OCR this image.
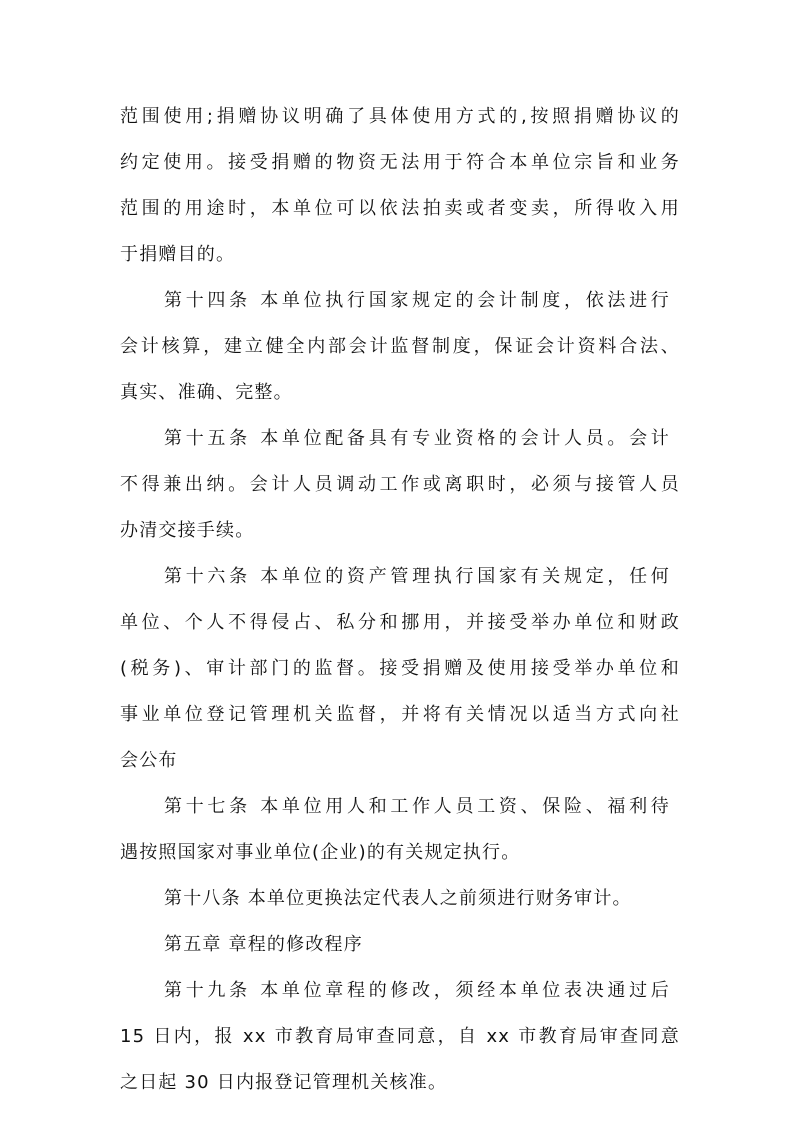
范围使用;捐赠协议明确了具体使用方式的,按照捐赠协议的
约定使用。接受捐赠的物资无法用于符合本单位宗旨和业务
范围的用途时，本单位可以依法拍卖或者变卖，所得收入用
于捐赠目的。
第十四条 本单位执行国家规定的会计制度，依法进行
会计核算，建立健全内部会计监督制度，保证会计资料合法、
真实、准确、完整。
第十五条 本单位配备具有专业资格的会计人员。会计
不得兼出纳。会计人员调动工作或离职时，必须与接管人员
办清交接手续。
第十六条 本单位的资产管理执行国家有关规定，任何
单位、个人不得侵占、私分和挪用，并接受举办单位和财政
(税务)、审计部门的监督。接受捐赠及使用接受举办单位和
事业单位登记管理机关监督，并将有关情况以适当方式向社
会公布
第十七条 本单位用人和工作人员工资、保险、福利待
遇按照国家对事业单位(企业)的有关规定执行。
第十八条 本单位更换法定代表人之前须进行财务审计。
第五章 章程的修改程序
第十九条 本单位章程的修改，须经本单位表决通过后
15 日内，报 xx 市教育局审查同意，自 xx 市教育局审查同意
之日起 30 日内报登记管理机关核准。
